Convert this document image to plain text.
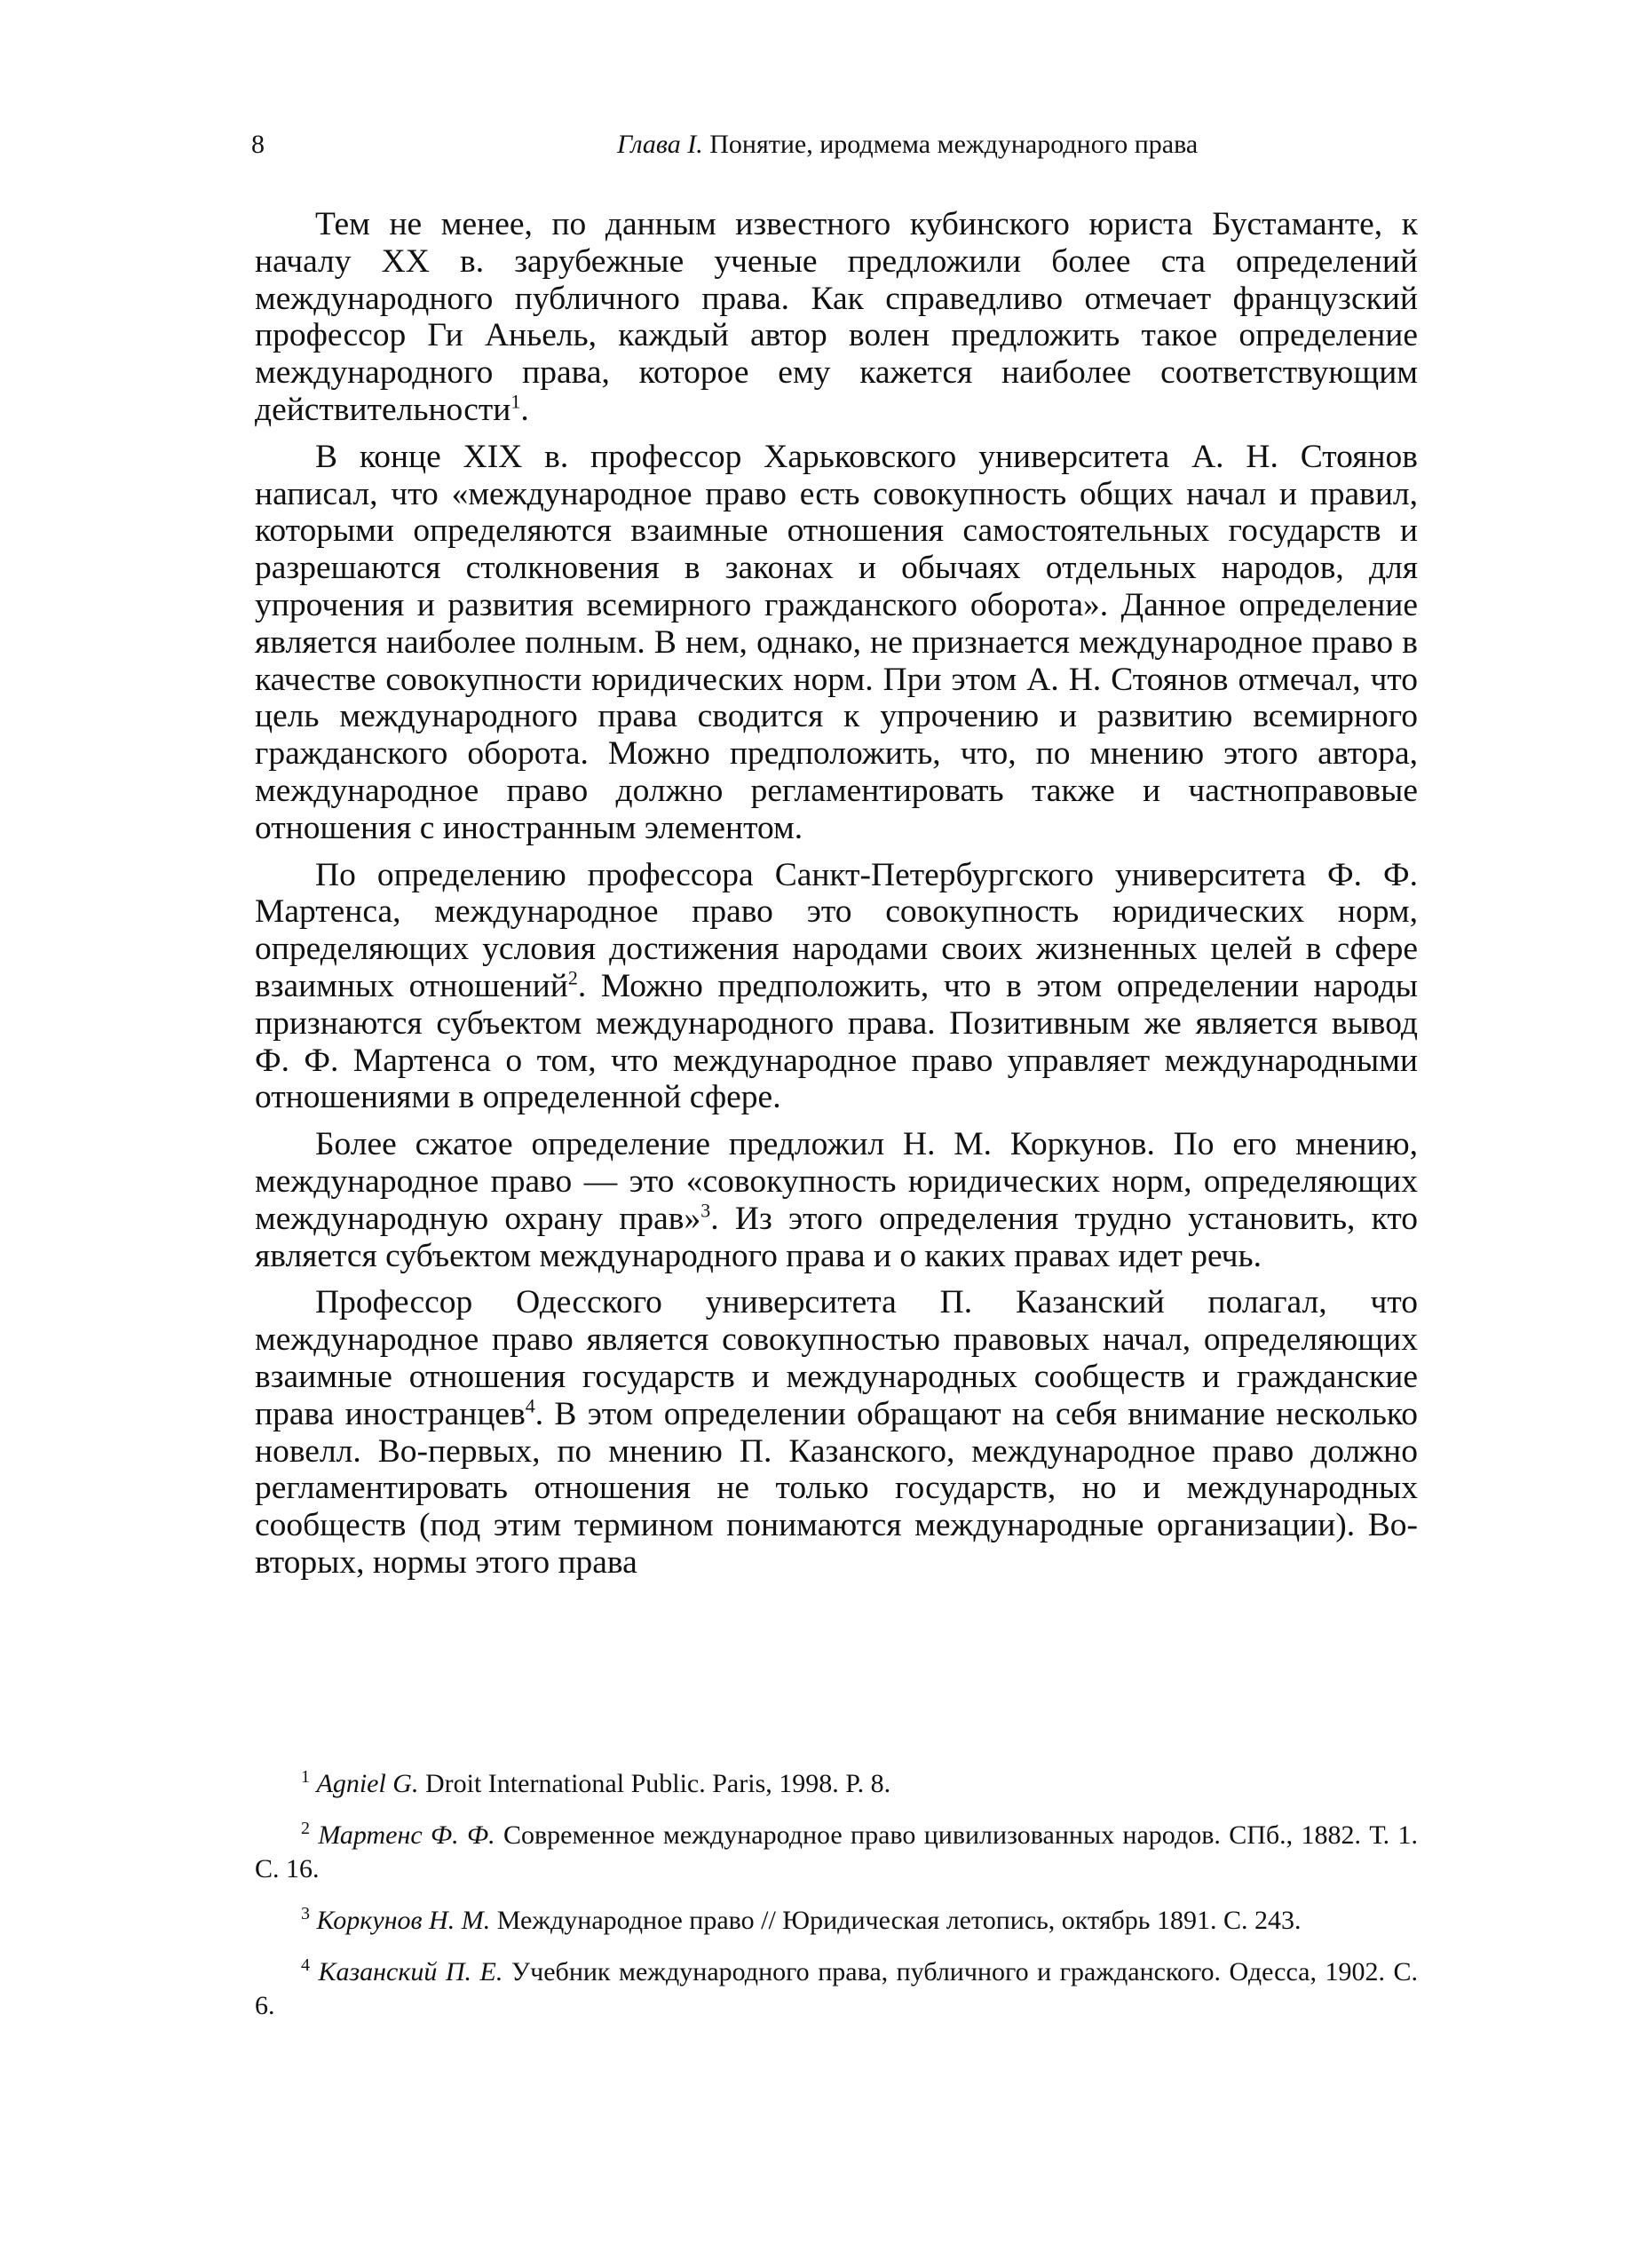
8	Глава I. Понятие, иродмема международного права

Тем не менее, по данным известного кубинского юриста Бустаманте, к началу XX в. зарубежные ученые предложили более ста определений международного публичного права. Как справедливо отмечает французский профессор Ги Аньель, каждый автор волен предложить такое определение международного права, которое ему кажется наиболее соответствующим действительности$^1$.

В конце XIX в. профессор Харьковского университета А. Н. Стоянов написал, что «международное право есть совокупность общих начал и правил, которыми определяются взаимные отношения самостоятельных государств и разрешаются столкновения в законах и обычаях отдельных народов, для упрочения и развития всемирного гражданского оборота». Данное определение является наиболее полным. В нем, однако, не признается международное право в качестве совокупности юридических норм. При этом А. Н. Стоянов отмечал, что цель международного права сводится к упрочению и развитию всемирного гражданского оборота. Можно предположить, что, по мнению этого автора, международное право должно регламентировать также и частноправовые отношения с иностранным элементом.

По определению профессора Санкт-Петербургского университета Ф. Ф. Мартенса, международное право это совокупность юридических норм, определяющих условия достижения народами своих жизненных целей в сфере взаимных отношений$^2$. Можно предположить, что в этом определении народы признаются субъектом международного права. Позитивным же является вывод Ф. Ф. Мартенса о том, что международное право управляет международными отношениями в определенной сфере.

Более сжатое определение предложил Н. М. Коркунов. По его мнению, международное право — это «совокупность юридических норм, определяющих международную охрану прав»$^3$. Из этого определения трудно установить, кто является субъектом международного права и о каких правах идет речь.

Профессор Одесского университета П. Казанский полагал, что международное право является совокупностью правовых начал, определяющих взаимные отношения государств и международных сообществ и гражданские права иностранцев$^4$. В этом определении обращают на себя внимание несколько новелл. Во-первых, по мнению П. Казанского, международное право должно регламентировать отношения не только государств, но и международных сообществ (под этим термином понимаются международные организации). Во-вторых, нормы этого права

$^1$ Agniel G. Droit International Public. Paris, 1998. P. 8.

$^2$ Мартенс Ф. Ф. Современное международное право цивилизованных народов. СПб., 1882. Т. 1. С. 16.

$^3$ Коркунов Н. М. Международное право // Юридическая летопись, октябрь 1891. С. 243.

$^4$ Казанский П. Е. Учебник международного права, публичного и гражданского. Одесса, 1902. С. 6.
